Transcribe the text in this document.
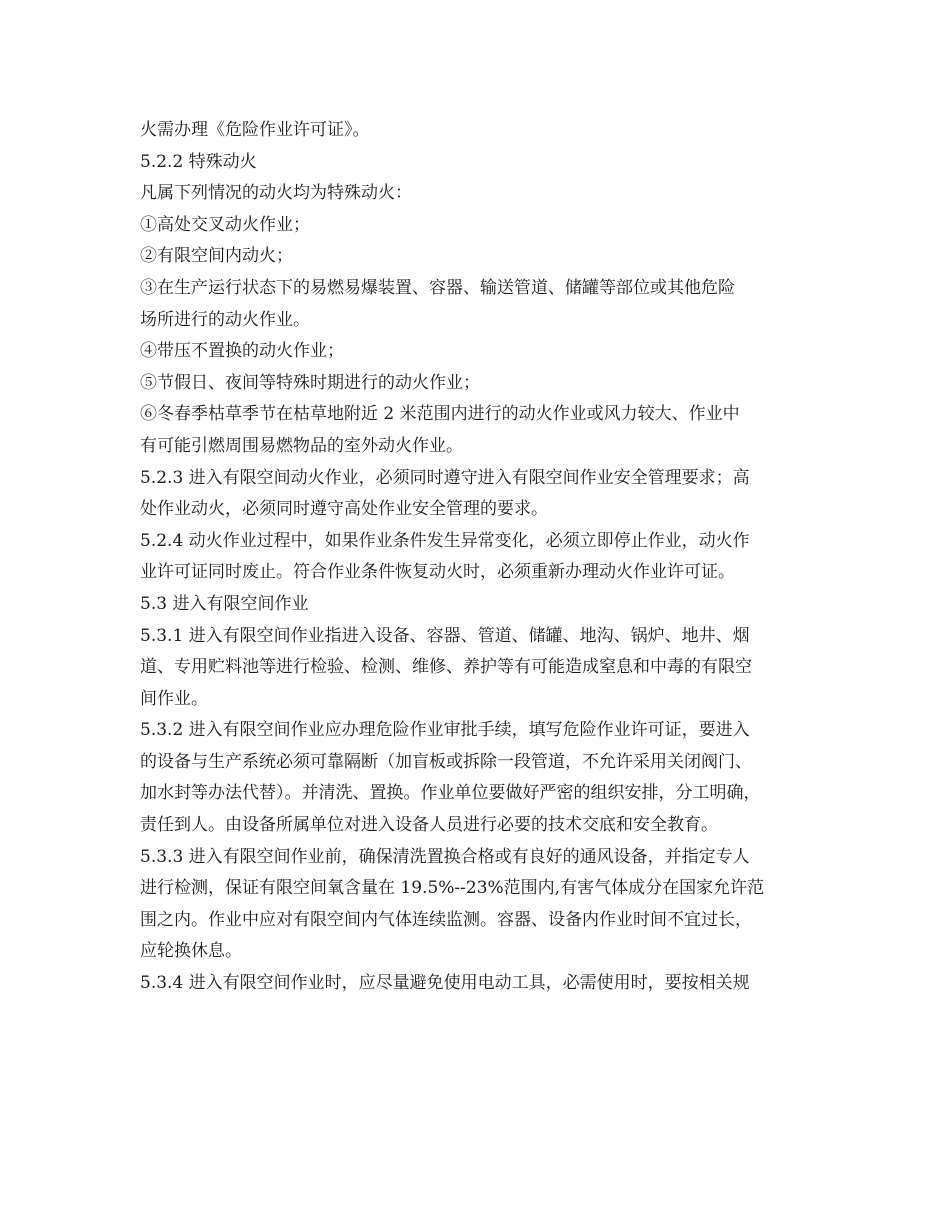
火需办理《危险作业许可证》。
5.2.2 特殊动火
凡属下列情况的动火均为特殊动火：
①高处交叉动火作业；
②有限空间内动火；
③在生产运行状态下的易燃易爆装置、容器、输送管道、储罐等部位或其他危险
场所进行的动火作业。
④带压不置换的动火作业；
⑤节假日、夜间等特殊时期进行的动火作业；
⑥冬春季枯草季节在枯草地附近 2 米范围内进行的动火作业或风力较大、作业中
有可能引燃周围易燃物品的室外动火作业。
5.2.3 进入有限空间动火作业，必须同时遵守进入有限空间作业安全管理要求；高
处作业动火，必须同时遵守高处作业安全管理的要求。
5.2.4 动火作业过程中，如果作业条件发生异常变化，必须立即停止作业，动火作
业许可证同时废止。符合作业条件恢复动火时，必须重新办理动火作业许可证。
5.3 进入有限空间作业
5.3.1 进入有限空间作业指进入设备、容器、管道、储罐、地沟、锅炉、地井、烟
道、专用贮料池等进行检验、检测、维修、养护等有可能造成窒息和中毒的有限空
间作业。
5.3.2 进入有限空间作业应办理危险作业审批手续，填写危险作业许可证，要进入
的设备与生产系统必须可靠隔断（加盲板或拆除一段管道，不允许采用关闭阀门、
加水封等办法代替）。并清洗、置换。作业单位要做好严密的组织安排，分工明确，
责任到人。由设备所属单位对进入设备人员进行必要的技术交底和安全教育。
5.3.3 进入有限空间作业前，确保清洗置换合格或有良好的通风设备，并指定专人
进行检测，保证有限空间氧含量在 19.5%--23%范围内,有害气体成分在国家允许范
围之内。作业中应对有限空间内气体连续监测。容器、设备内作业时间不宜过长，
应轮换休息。
5.3.4 进入有限空间作业时，应尽量避免使用电动工具，必需使用时，要按相关规
